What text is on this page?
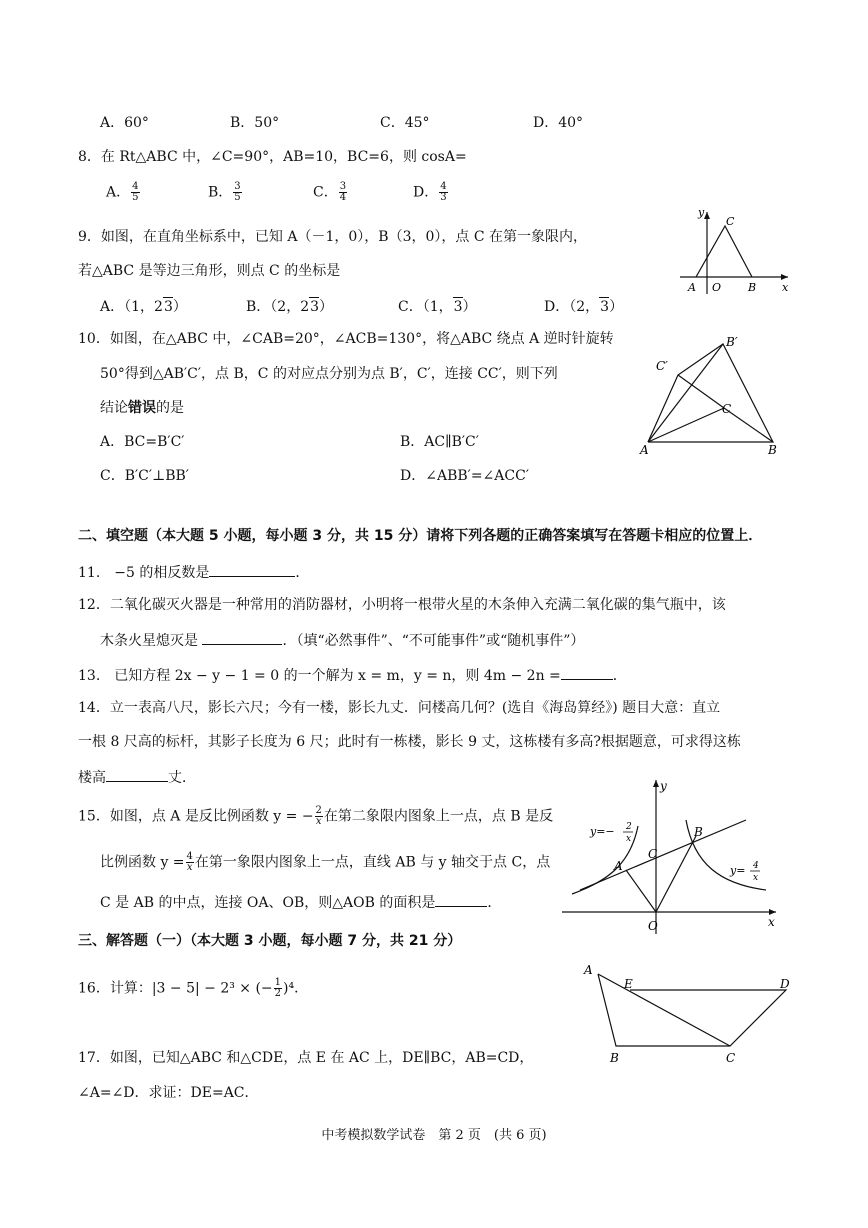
A．60°	B．50°	C．45°	D．40°
8．在 Rt△ABC 中，∠C=90°，AB=10，BC=6，则 cosA=
A． $\frac{4}{5}$	B． $\frac{3}{5}$	C． $\frac{3}{4}$	D． $\frac{4}{3}$
9．如图，在直角坐标系中，已知 A（－1，0），B（3，0），点 C 在第一象限内，
若△ABC 是等边三角形，则点 C 的坐标是
A．（1，23）	B．（2，23）	C．（1，3）	D．（2，3）
y
C
A O B x
10．如图，在△ABC 中，∠CAB=20°，∠ACB=130°，将△ABC 绕点 A 逆时针旋转
50°得到△AB′C′，点 B，C 的对应点分别为点 B′，C′，连接 CC′，则下列
结论错误的是
A．BC=B′C′	B．AC∥B′C′
C．B′C′⊥BB′	D．∠ABB′=∠ACC′
B′
C′
C
A	B
二、填空题（本大题 5 小题，每小题 3 分，共 15 分）请将下列各题的正确答案填写在答题卡相应的位置上．
11.　−5 的相反数是	．
12．二氧化碳灭火器是一种常用的消防器材，小明将一根带火星的木条伸入充满二氧化碳的集气瓶中，该
木条火星熄灭是	．（填“必然事件”、“不可能事件”或“随机事件”）
13.　已知方程 2x − y − 1 = 0 的一个解为 x = m，y = n，则 4m − 2n =	．
14．立一表高八尺，影长六尺；今有一楼，影长九丈．问楼高几何？(选自《海岛算经》) 题目大意：直立
一根 8 尺高的标杆，其影子长度为 6 尺；此时有一栋楼，影长 9 丈，这栋楼有多高?根据题意，可求得这栋
楼高	丈．
15．如图，点 A 是反比例函数 y = − $\frac{2}{x}$ 在第二象限内图象上一点，点 B 是反
比例函数 $y = \frac{4}{x}$ 在第一象限内图象上一点，直线 AB 与 y 轴交于点 C，点
C 是 AB 的中点，连接 OA、OB，则△AOB 的面积是	．
y
x
O
A
B
C
y=− 2
x
y= 4
x
三、解答题（一）（本大题 3 小题，每小题 7 分，共 21 分）
16．计算：|3 − 5| − 2³ × (− $\frac{1}{2} )^4$．
17．如图，已知△ABC 和△CDE，点 E 在 AC 上，DE∥BC，AB=CD，
∠A=∠D．求证：DE=AC．
A
E	D
B	C
中考模拟数学试卷　第 2 页　(共 6 页)
